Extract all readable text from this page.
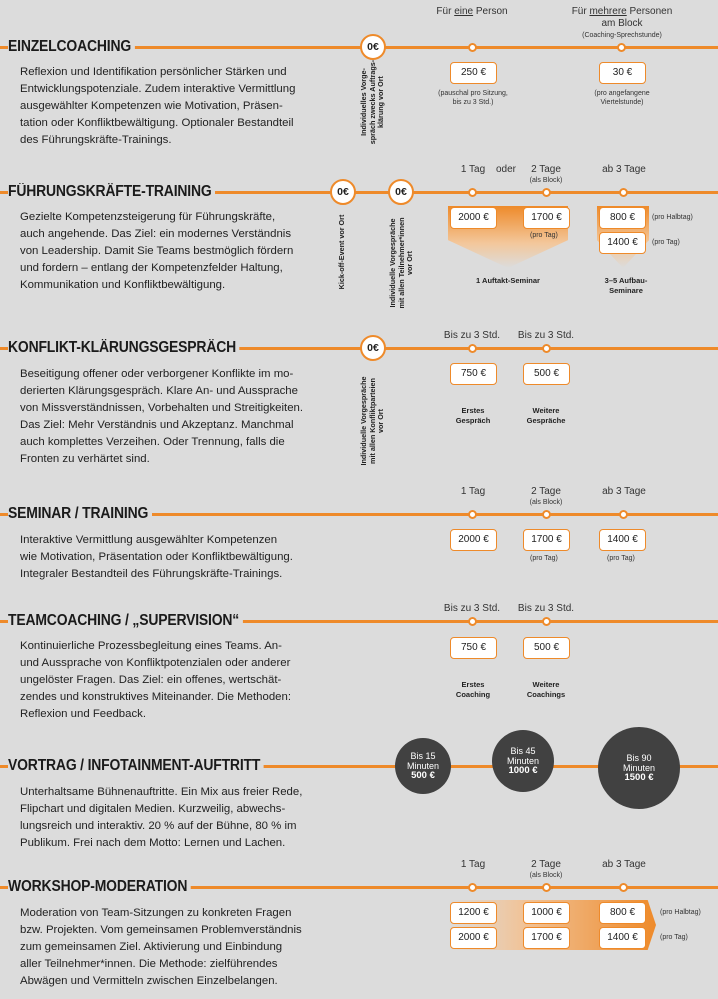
Für eine Person	Für mehrere Personen
am Block
(Coaching-Sprechstunde)
EINZELCOACHING
Reflexion und Identifikation persönlicher Stärken und
Entwicklungspotenziale. Zudem interaktive Vermittlung
ausgewählter Kompetenzen wie Motivation, Präsen-
tation oder Konfliktbewältigung. Optionaler Bestandteil
des Führungskräfte-Trainings.
0€
Individuelles Vorge- spräch zwecks Auftrags- klärung vor Ort
250 €	30 €
(pauschal pro Sitzung,
bis zu 3 Std.)
(pro angefangene
Viertelstunde)
1 Tag	oder	2 Tage
(als Block)
ab 3 Tage
FÜHRUNGSKRÄFTE-TRAINING
Gezielte Kompetenzsteigerung für Führungskräfte,
auch angehende. Das Ziel: ein modernes Verständnis
von Leadership. Damit Sie Teams bestmöglich fördern
und fordern – entlang der Kompetenzfelder Haltung,
Kommunikation und Konfliktbewältigung.
0€	0€
Kick-off-Event vor Ort	Individuelle Vorgespräche mit allen Teilnehmer*innen vor Ort
2000 €	1700 €
(pro Tag)
800 €	(pro Halbtag)
1400 €	(pro Tag)
1 Auftakt-Seminar	3–5 Aufbau-Seminare
Bis zu 3 Std.	Bis zu 3 Std.
KONFLIKT-KLÄRUNGSGESPRÄCH
Beseitigung offener oder verborgener Konflikte im mo-
derierten Klärungsgespräch. Klare An- und Aussprache
von Missverständnissen, Vorbehalten und Streitigkeiten.
Das Ziel: Mehr Verständnis und Akzeptanz. Manchmal
auch komplettes Verzeihen. Oder Trennung, falls die
Fronten zu verhärtet sind.
0€
Individuelle Vorgespräche mit allen Konfliktparteien vor Ort
750 €	500 €
Erstes
Gespräch
Weitere
Gespräche
1 Tag	2 Tage
(als Block)
ab 3 Tage
SEMINAR / TRAINING
Interaktive Vermittlung ausgewählter Kompetenzen
wie Motivation, Präsentation oder Konfliktbewältigung.
Integraler Bestandteil des Führungskräfte-Trainings.
2000 €	1700 €	1400 €
(pro Tag)	(pro Tag)
Bis zu 3 Std.	Bis zu 3 Std.
TEAMCOACHING / „SUPERVISION“
Kontinuierliche Prozessbegleitung eines Teams. An-
und Aussprache von Konfliktpotenzialen oder anderer
ungelöster Fragen. Das Ziel: ein offenes, wertschät-
zendes und konstruktives Miteinander. Die Methoden:
Reflexion und Feedback.
750 €	500 €
Erstes
Coaching
Weitere
Coachings
VORTRAG / INFOTAINMENT-AUFTRITT
Unterhaltsame Bühnenauftritte. Ein Mix aus freier Rede,
Flipchart und digitalen Medien. Kurzweilig, abwechs-
lungsreich und interaktiv. 20 % auf der Bühne, 80 % im
Publikum. Frei nach dem Motto: Lernen und Lachen.
Bis 15
Minuten
500 €
Bis 45
Minuten
1000 €
Bis 90
Minuten
1500 €
1 Tag	2 Tage
(als Block)
ab 3 Tage
WORKSHOP-MODERATION
Moderation von Team-Sitzungen zu konkreten Fragen
bzw. Projekten. Vom gemeinsamen Problemverständnis
zum gemeinsamen Ziel. Aktivierung und Einbindung
aller Teilnehmer*innen. Die Methode: zielführendes
Abwägen und Vermitteln zwischen Einzelbelangen.
1200 €	1000 €	800 €	(pro Halbtag)
2000 €	1700 €	1400 €	(pro Tag)
